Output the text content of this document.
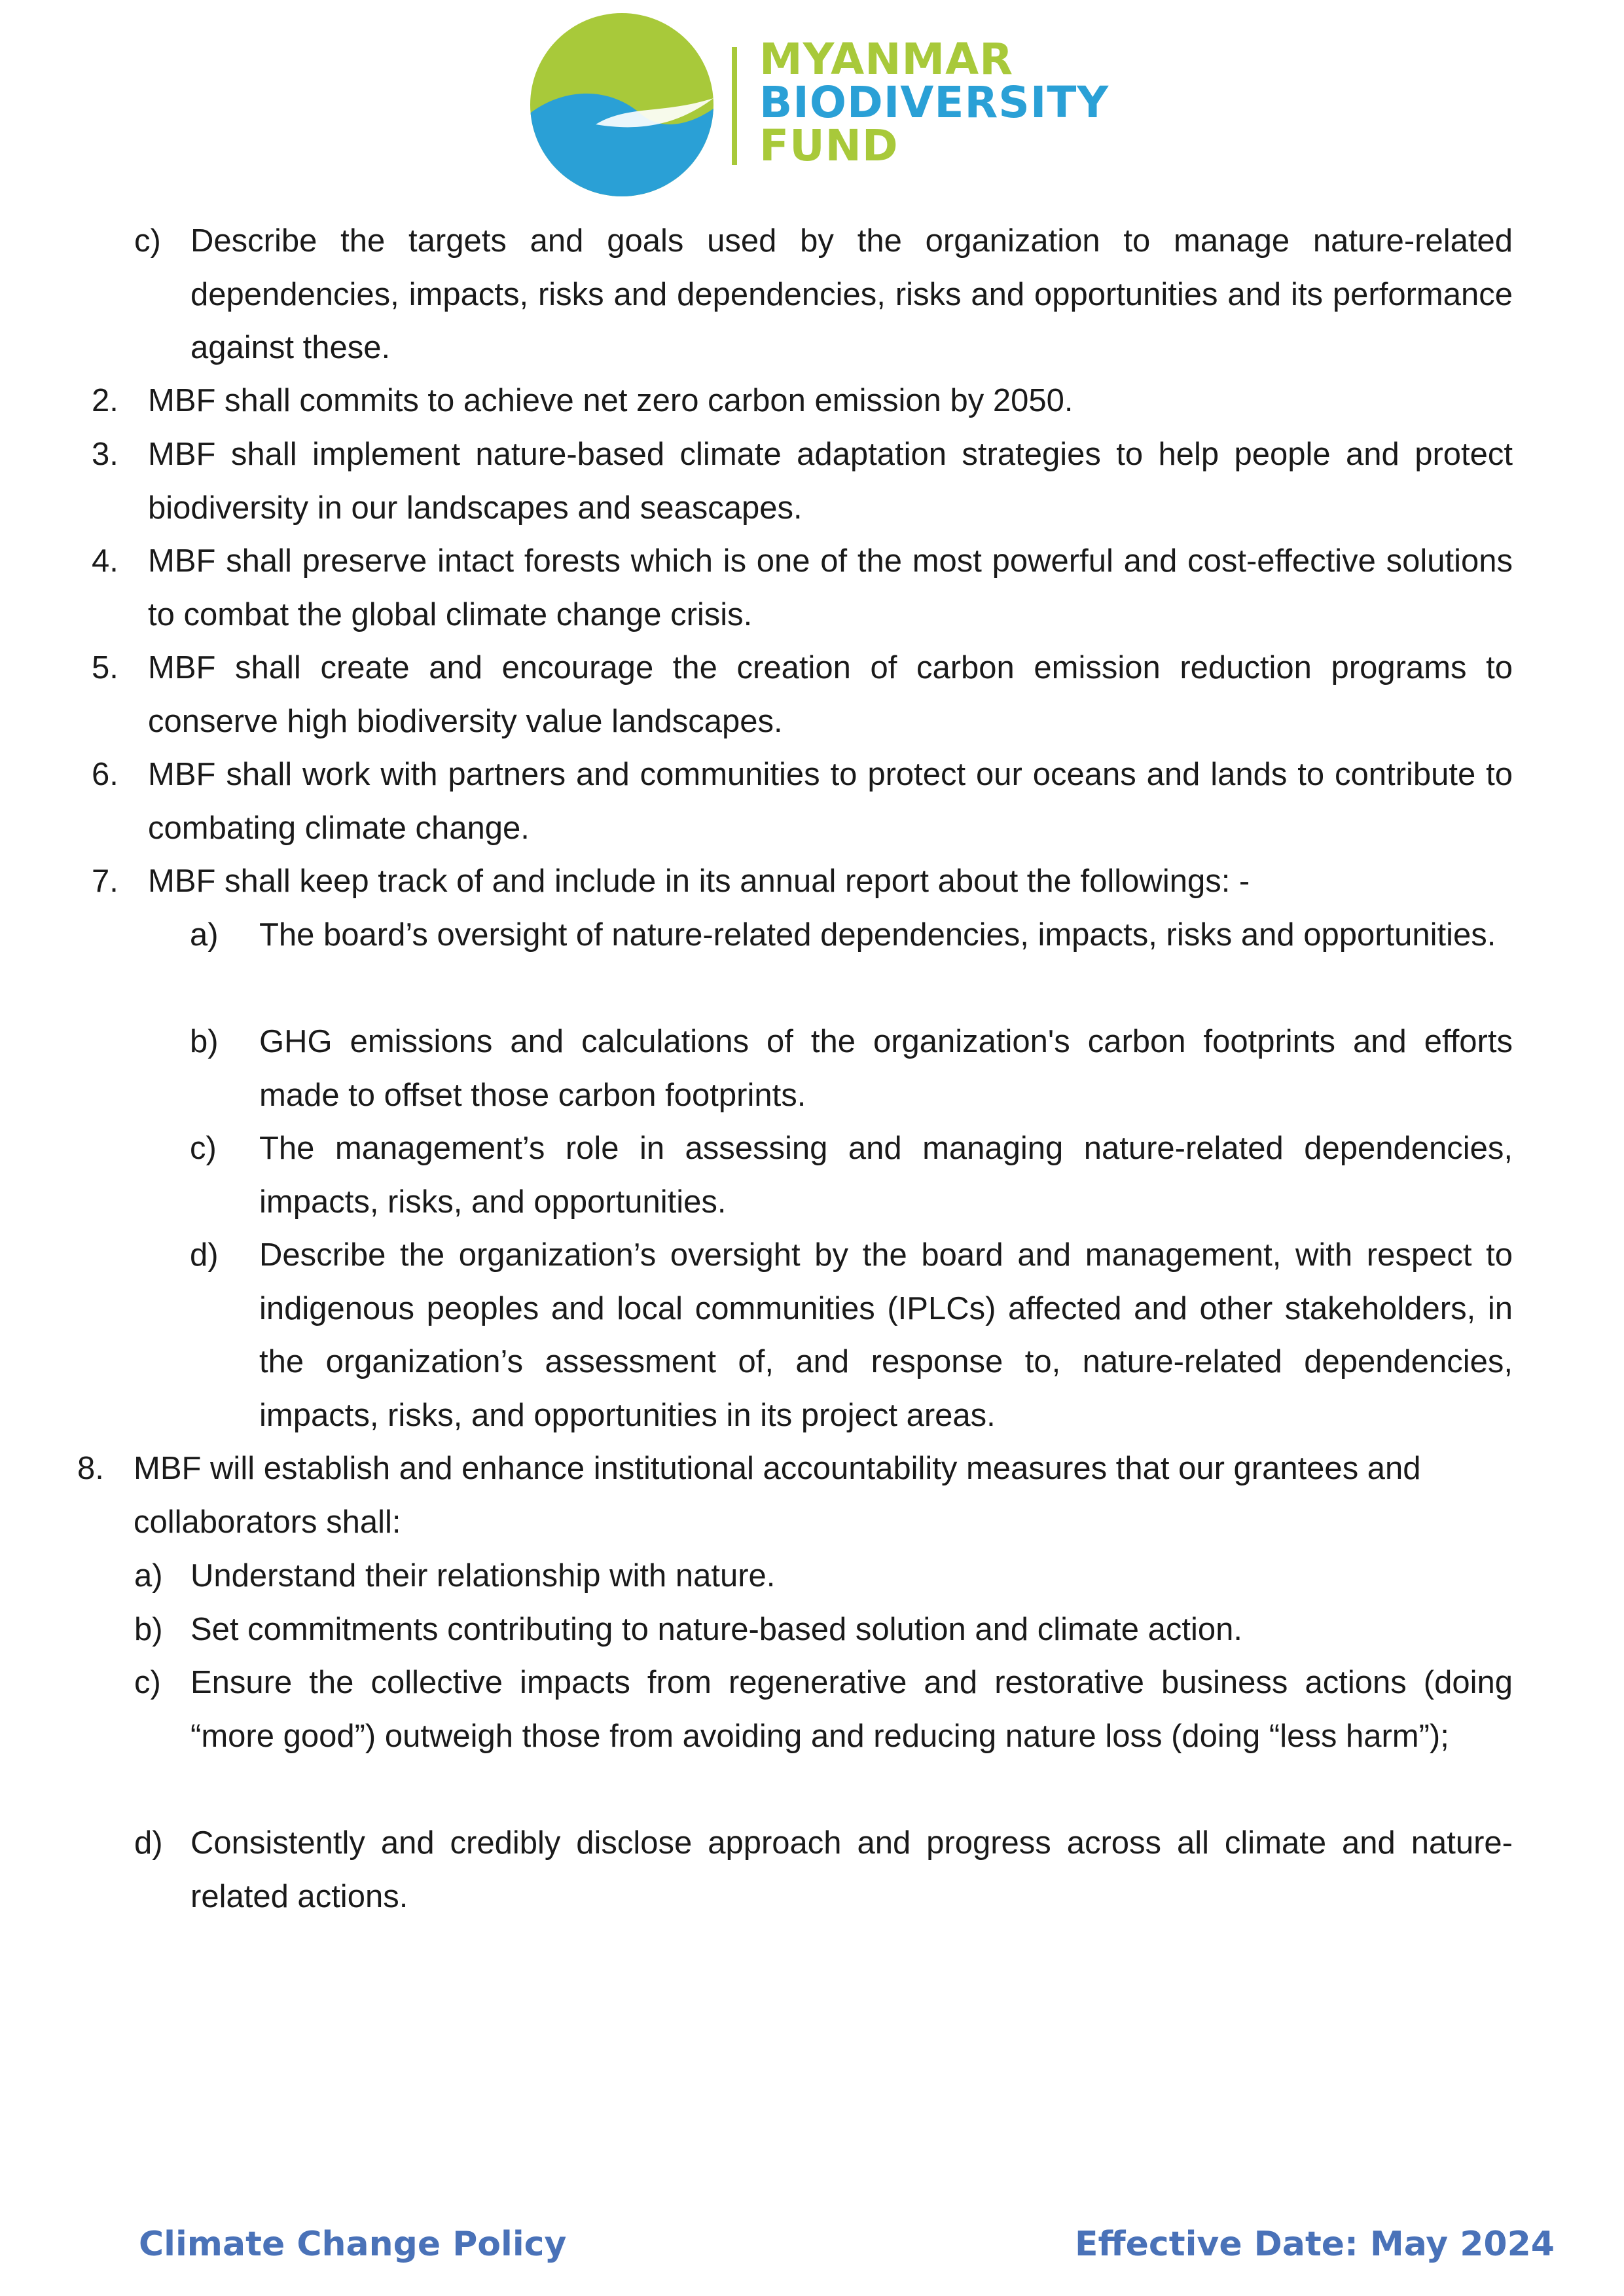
MYANMAR
BIODIVERSITY
FUND
c) Describe the targets and goals used by the organization to manage nature-related dependencies, impacts, risks and dependencies, risks and opportunities and its performance against these.
2. MBF shall commits to achieve net zero carbon emission by 2050.
3. MBF shall implement nature-based climate adaptation strategies to help people and protect biodiversity in our landscapes and seascapes.
4. MBF shall preserve intact forests which is one of the most powerful and cost-effective solutions to combat the global climate change crisis.
5. MBF shall create and encourage the creation of carbon emission reduction programs to conserve high biodiversity value landscapes.
6. MBF shall work with partners and communities to protect our oceans and lands to contribute to combating climate change.
7. MBF shall keep track of and include in its annual report about the followings: -
a)	The board’s oversight of nature-related dependencies, impacts, risks and opportunities.
b)	GHG emissions and calculations of the organization's carbon footprints and efforts made to offset those carbon footprints.
c)	The management’s role in assessing and managing nature-related dependencies, impacts, risks, and opportunities.
d)	Describe the organization’s oversight by the board and management, with respect to indigenous peoples and local communities (IPLCs) affected and other stakeholders, in the organization’s assessment of, and response to, nature-related dependencies, impacts, risks, and opportunities in its project areas.
8. MBF will establish and enhance institutional accountability measures that our grantees and collaborators shall:
a) Understand their relationship with nature.
b) Set commitments contributing to nature-based solution and climate action.
c) Ensure the collective impacts from regenerative and restorative business actions (doing “more good”) outweigh those from avoiding and reducing nature loss (doing “less harm”);
d) Consistently and credibly disclose approach and progress across all climate and nature-related actions.
Climate Change Policy	Effective Date: May 2024
